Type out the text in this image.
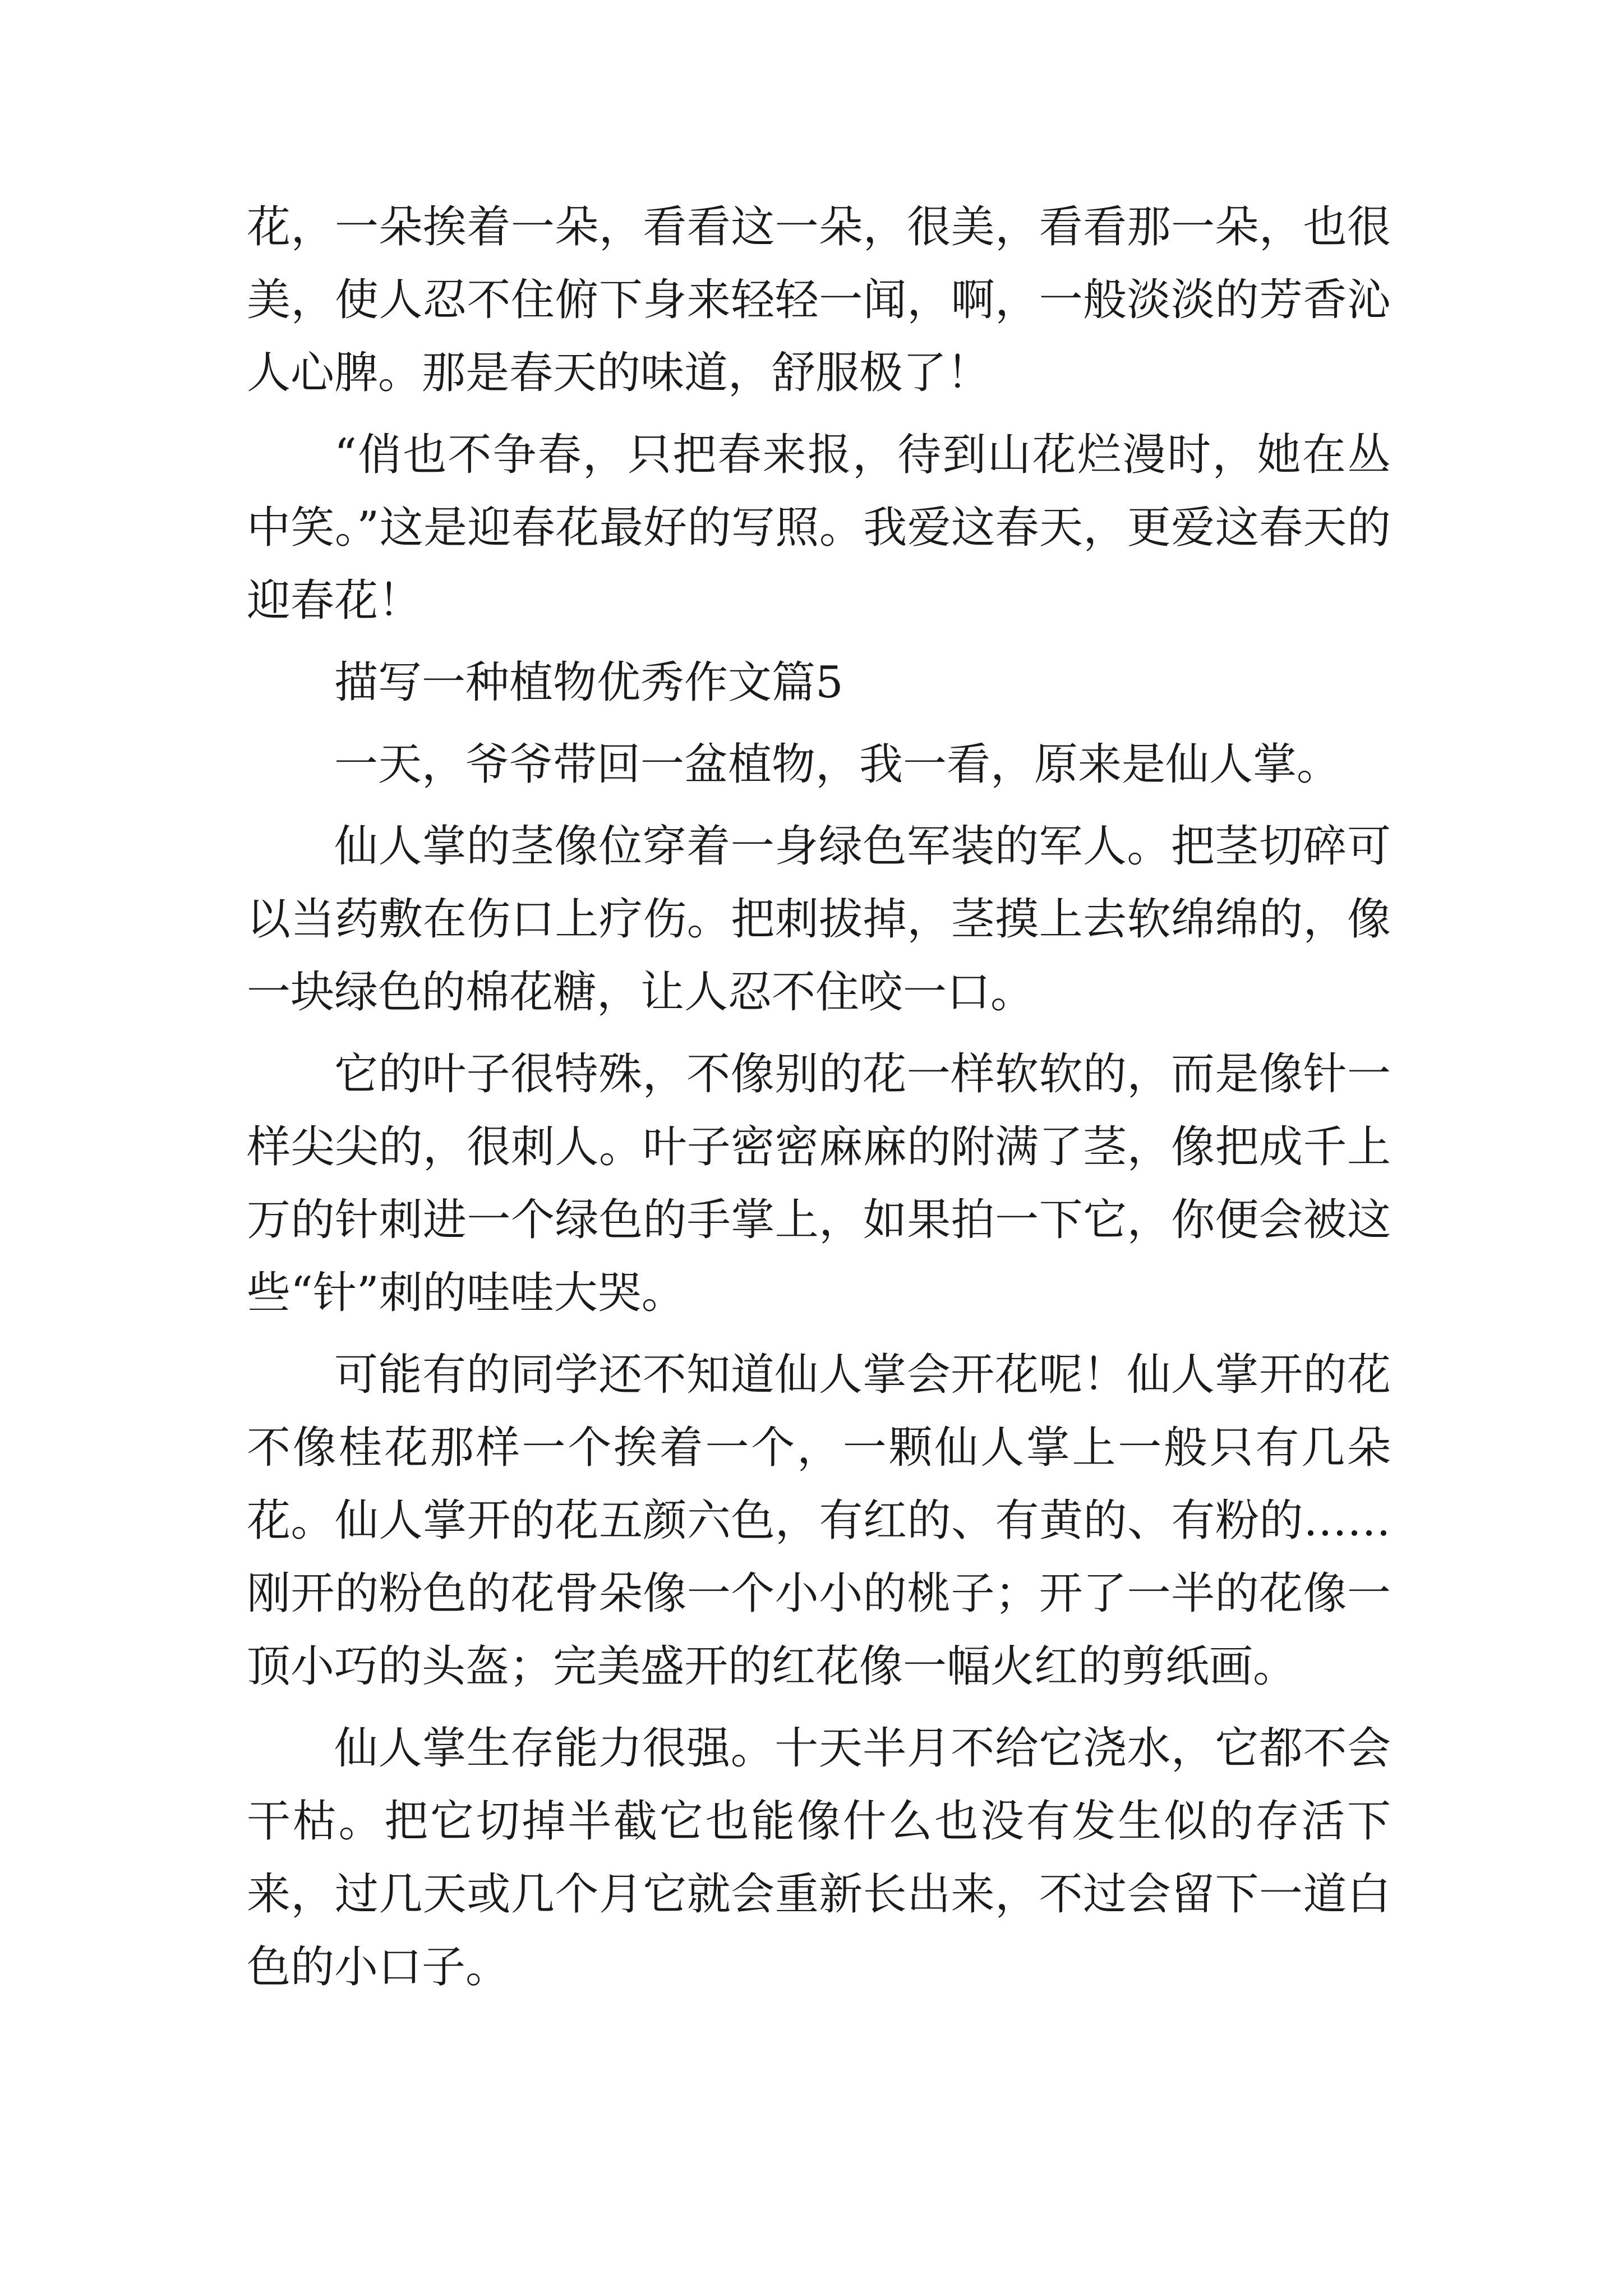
花，一朵挨着一朵，看看这一朵，很美，看看那一朵，也很美，使人忍不住俯下身来轻轻一闻，啊，一般淡淡的芳香沁人心脾。那是春天的味道，舒服极了！

“俏也不争春，只把春来报，待到山花烂漫时，她在丛中笑。”这是迎春花最好的写照。我爱这春天，更爱这春天的迎春花！

描写一种植物优秀作文篇5

一天，爷爷带回一盆植物，我一看，原来是仙人掌。

仙人掌的茎像位穿着一身绿色军装的军人。把茎切碎可以当药敷在伤口上疗伤。把刺拔掉，茎摸上去软绵绵的，像一块绿色的棉花糖，让人忍不住咬一口。

它的叶子很特殊，不像别的花一样软软的，而是像针一样尖尖的，很刺人。叶子密密麻麻的附满了茎，像把成千上万的针刺进一个绿色的手掌上，如果拍一下它，你便会被这些“针”刺的哇哇大哭。

可能有的同学还不知道仙人掌会开花呢！仙人掌开的花不像桂花那样一个挨着一个，一颗仙人掌上一般只有几朵花。仙人掌开的花五颜六色，有红的、有黄的、有粉的……刚开的粉色的花骨朵像一个小小的桃子；开了一半的花像一顶小巧的头盔；完美盛开的红花像一幅火红的剪纸画。

仙人掌生存能力很强。十天半月不给它浇水，它都不会干枯。把它切掉半截它也能像什么也没有发生似的存活下来，过几天或几个月它就会重新长出来，不过会留下一道白色的小口子。
